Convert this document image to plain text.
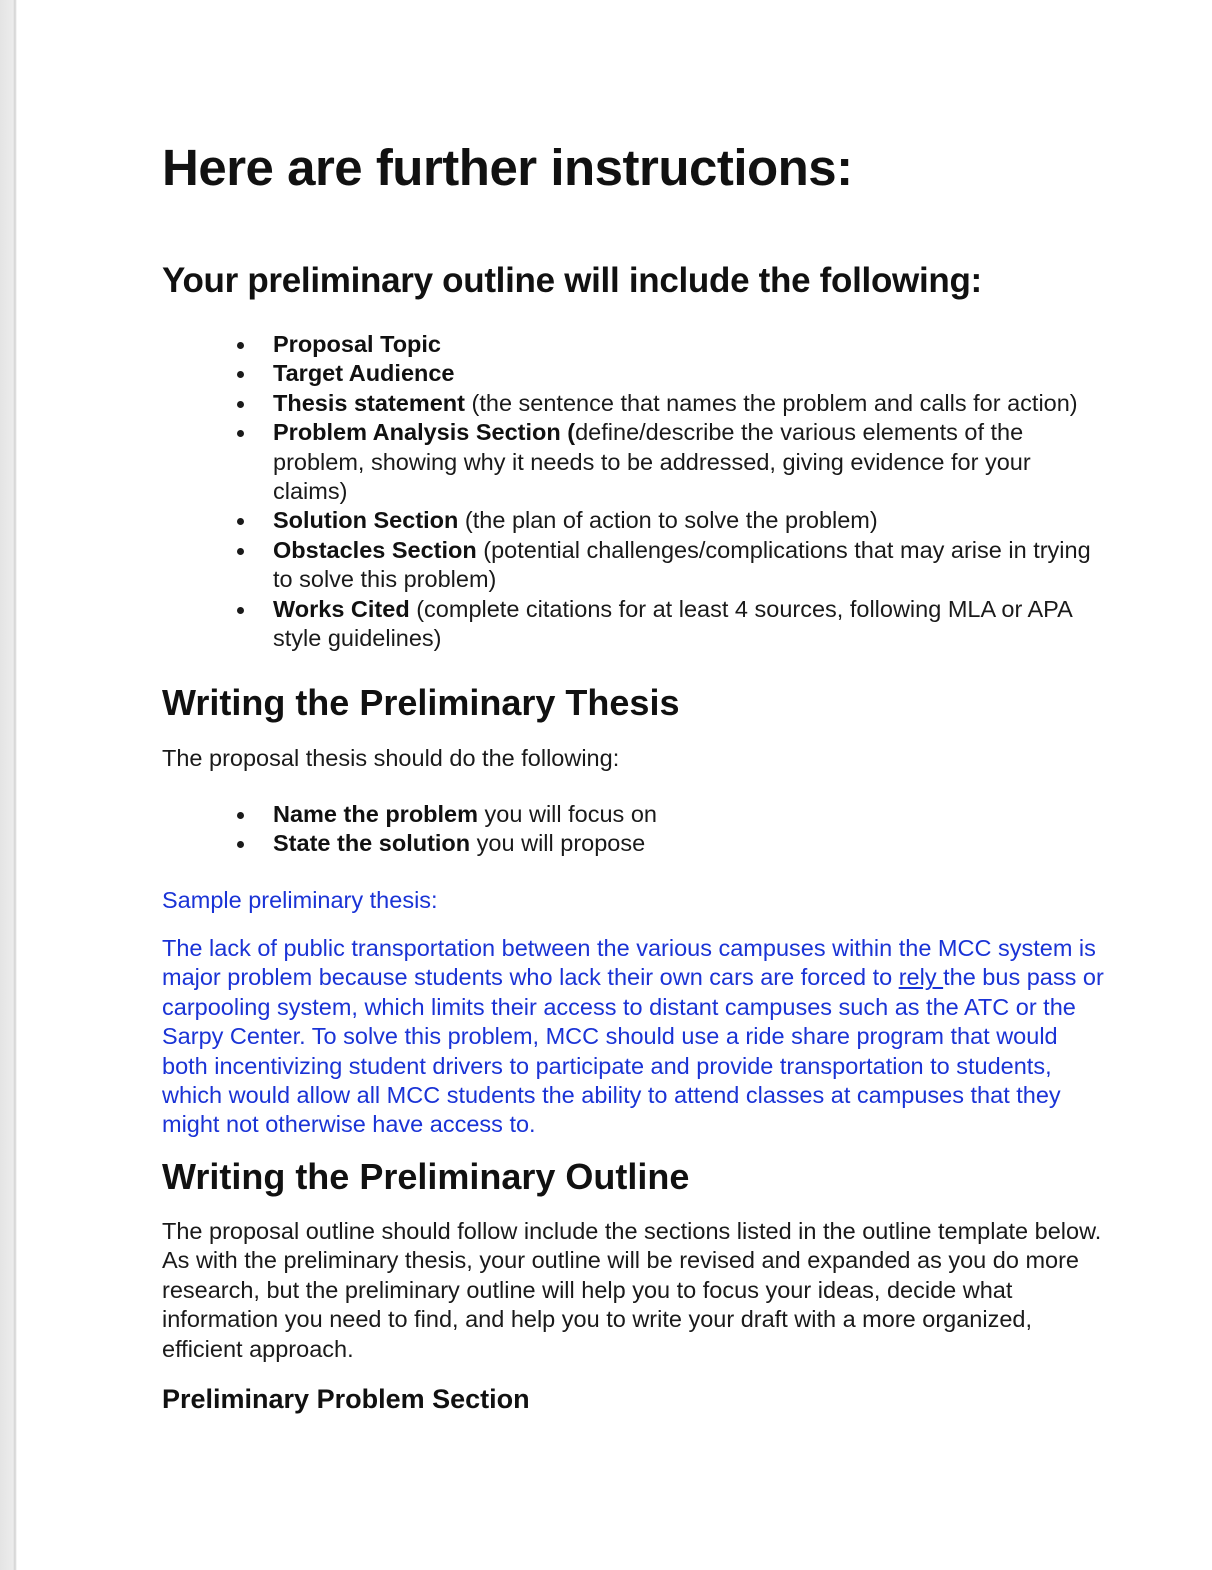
Here are further instructions:
Your preliminary outline will include the following:
Proposal Topic
Target Audience
Thesis statement (the sentence that names the problem and calls for action)
Problem Analysis Section (define/describe the various elements of the problem, showing why it needs to be addressed, giving evidence for your claims)
Solution Section (the plan of action to solve the problem)
Obstacles Section (potential challenges/complications that may arise in trying to solve this problem)
Works Cited (complete citations for at least 4 sources, following MLA or APA style guidelines)
Writing the Preliminary Thesis

The proposal thesis should do the following:

Name the problem you will focus on
State the solution you will propose

Sample preliminary thesis:

The lack of public transportation between the various campuses within the MCC system is major problem because students who lack their own cars are forced to rely the bus pass or carpooling system, which limits their access to distant campuses such as the ATC or the Sarpy Center. To solve this problem, MCC should use a ride share program that would both incentivizing student drivers to participate and provide transportation to students, which would allow all MCC students the ability to attend classes at campuses that they might not otherwise have access to.

Writing the Preliminary Outline

The proposal outline should follow include the sections listed in the outline template below. As with the preliminary thesis, your outline will be revised and expanded as you do more research, but the preliminary outline will help you to focus your ideas, decide what information you need to find, and help you to write your draft with a more organized, efficient approach.

Preliminary Problem Section
